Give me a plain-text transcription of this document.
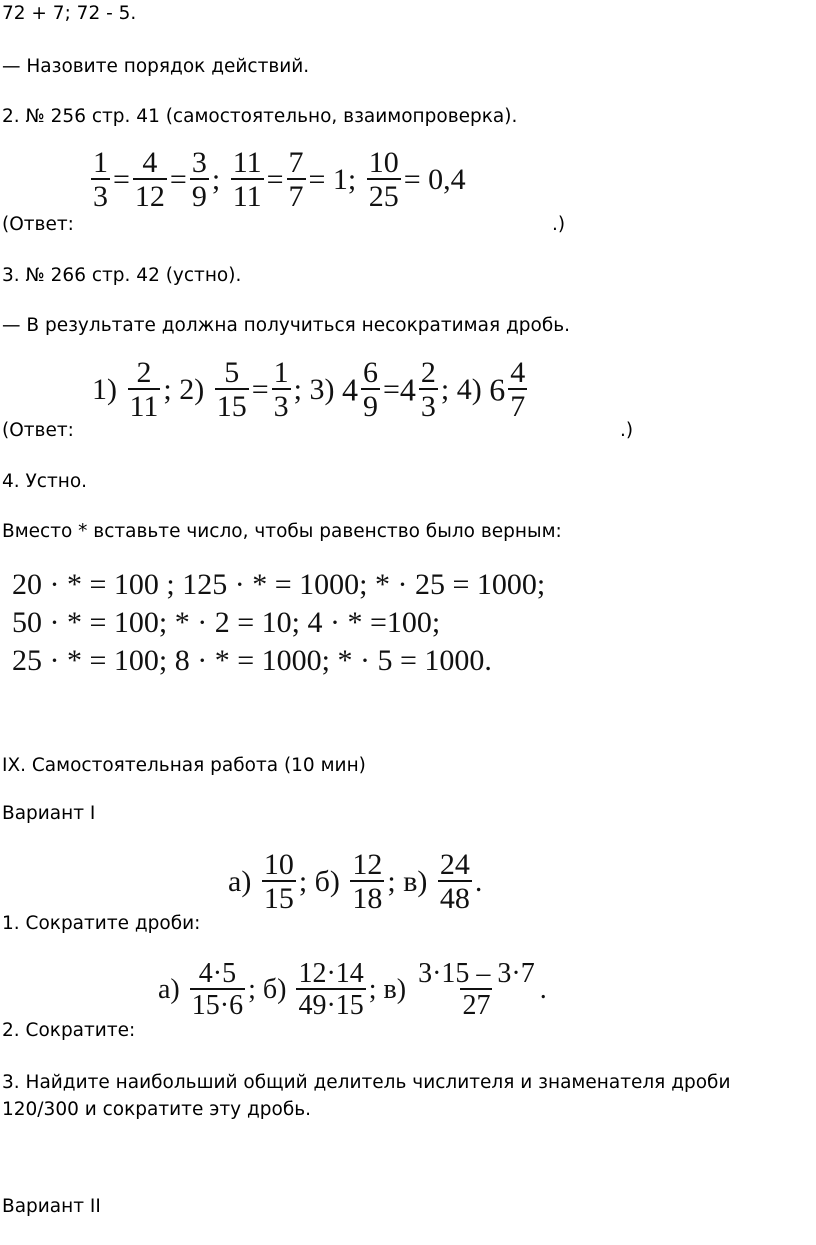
72 + 7; 72 - 5.
— Назовите порядок действий.
2. № 256 стр. 41 (самостоятельно, взаимопроверка).
$\frac{1}{3} = \frac{4}{12} = \frac{3}{9}$ ; $\frac{11}{11} = \frac{7}{7} = 1$; $\frac{10}{25} = 0,4$
(Ответ:	.)
3. № 266 стр. 42 (устно).
— В результате должна получиться несократимая дробь.
$1) \frac{2}{11}$ ; $2) \frac{5}{15} = \frac{1}{3}$ ; 3) $4 \frac{6}{9} =4 \frac{2}{3}$ ; 4) $6 \frac{4}{7}$
(Ответ:	.)
4. Устно.
Вместо * вставьте число, чтобы равенство было верным:
20 · * = 100 ; 125 · * = 1000; * · 25 = 1000;
50 · * = 100; * · 2 = 10; 4 · * =100;
25 · * = 100; 8 · * = 1000; * · 5 = 1000.
IX. Самостоятельная работа (10 мин)
Вариант I
$а) \frac{10}{15}$ ; $б) \frac{12}{18}$ ; $в) \frac{24}{48}$ .
1. Сократите дроби:
$а) \frac{4\cdot 5}{15\cdot 6}$ ; $б) \frac{12\cdot 14}{49\cdot 15}$ ; $в) \frac{3\cdot 15 - 3\cdot 7}{27}$ .
2. Сократите:
3. Найдите наибольший общий делитель числителя и знаменателя дроби
120/300 и сократите эту дробь.
Вариант II
